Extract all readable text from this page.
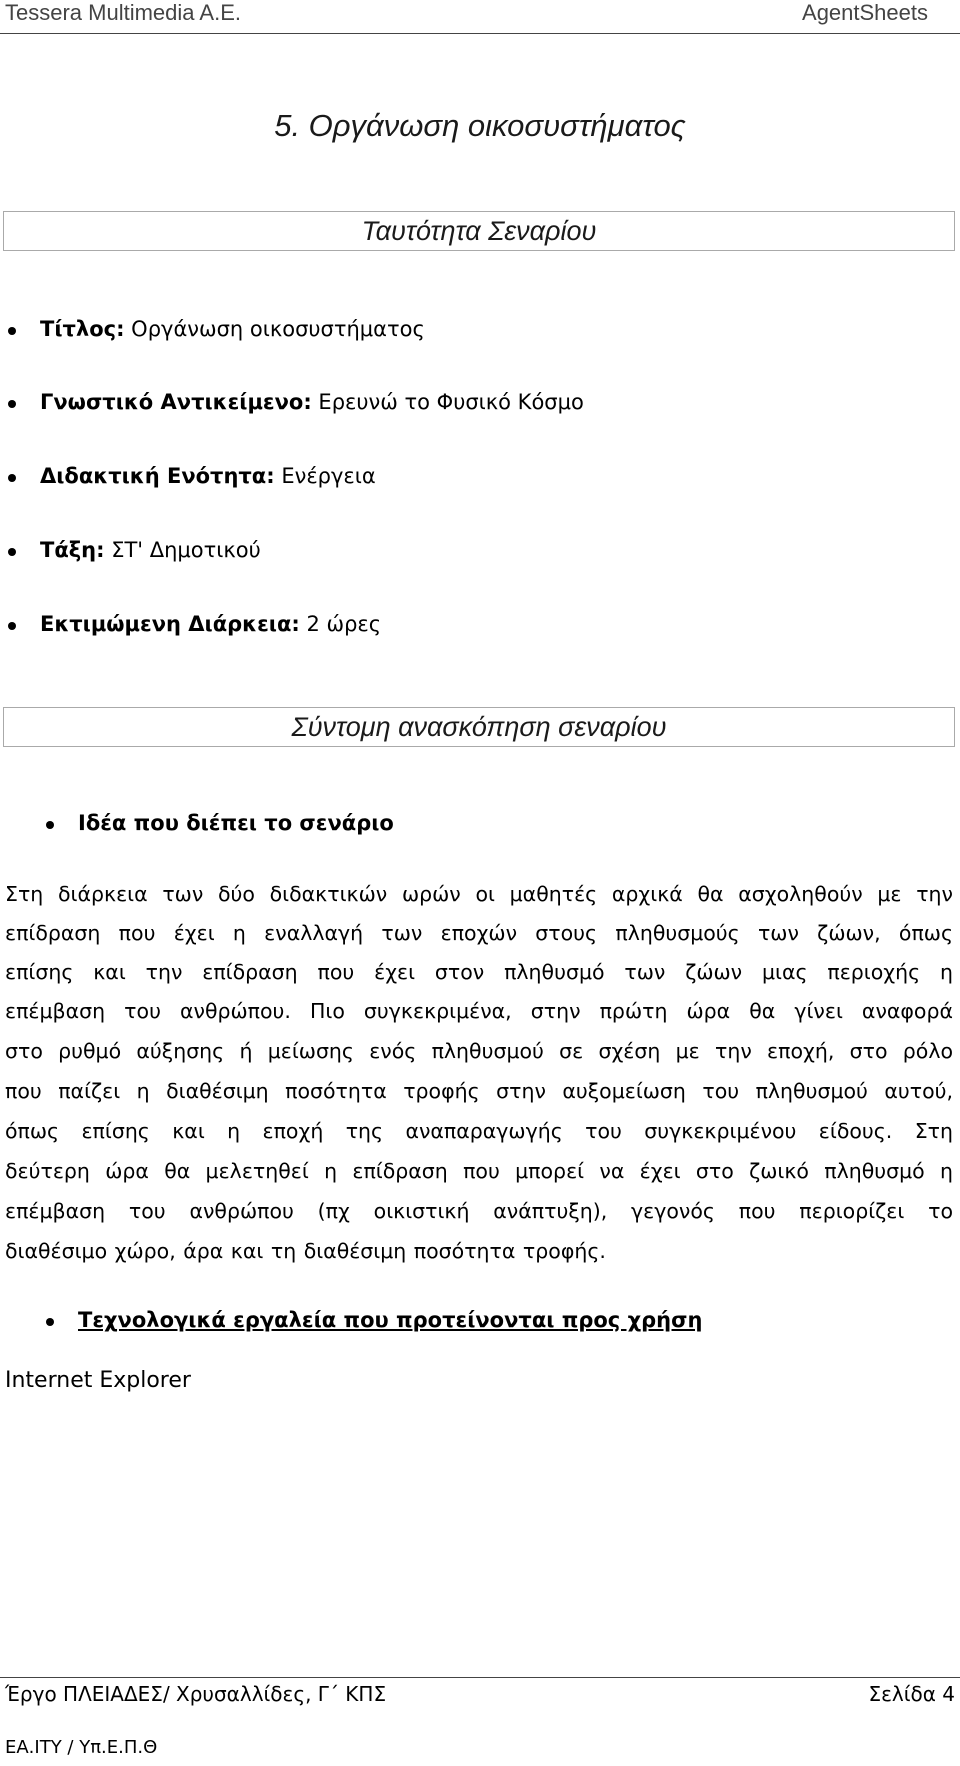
Tessera Multimedia A.E.	AgentSheets
5. Οργάνωση οικοσυστήματος
Ταυτότητα Σεναρίου
Τίτλος: Οργάνωση οικοσυστήματος
Γνωστικό Αντικείμενο: Ερευνώ το Φυσικό Κόσμο
Διδακτική Ενότητα: Ενέργεια
Τάξη: ΣΤ' Δημοτικού
Εκτιμώμενη Διάρκεια: 2 ώρες
Σύντομη ανασκόπηση σεναρίου
Ιδέα που διέπει το σενάριο
Στη διάρκεια των δύο διδακτικών ωρών οι μαθητές αρχικά θα ασχοληθούν με την
επίδραση που έχει η εναλλαγή των εποχών στους πληθυσμούς των ζώων, όπως
επίσης και την επίδραση που έχει στον πληθυσμό των ζώων μιας περιοχής η
επέμβαση του ανθρώπου. Πιο συγκεκριμένα, στην πρώτη ώρα θα γίνει αναφορά
στο ρυθμό αύξησης ή μείωσης ενός πληθυσμού σε σχέση με την εποχή, στο ρόλο
που παίζει η διαθέσιμη ποσότητα τροφής στην αυξομείωση του πληθυσμού αυτού,
όπως επίσης και η εποχή της αναπαραγωγής του συγκεκριμένου είδους. Στη
δεύτερη ώρα θα μελετηθεί η επίδραση που μπορεί να έχει στο ζωικό πληθυσμό η
επέμβαση του ανθρώπου (πχ οικιστική ανάπτυξη), γεγονός που περιορίζει το
διαθέσιμο χώρο, άρα και τη διαθέσιμη ποσότητα τροφής.
Τεχνολογικά εργαλεία που προτείνονται προς χρήση
Internet Explorer
Έργο ΠΛΕΙΑΔΕΣ/ Χρυσαλλίδες, Γ΄ ΚΠΣ	Σελίδα 4
ΕΑ.ΙΤΥ / Υπ.Ε.Π.Θ
